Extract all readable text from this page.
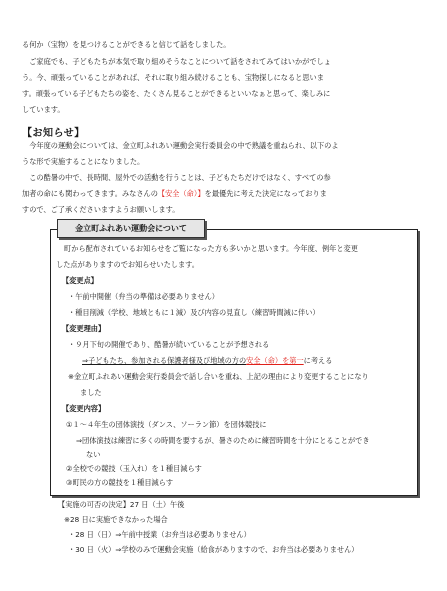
る何か（宝物）を見つけることができると信じて話をしました。
　ご家庭でも、子どもたちが本気で取り組めそうなことについて話をされてみてはいかがでしょ
う。今、頑張っていることがあれば、それに取り組み続けることも、宝物探しになると思いま
す。頑張っている子どもたちの姿を、たくさん見ることができるといいなぁと思って、楽しみに
しています。
【お知らせ】
　今年度の運動会については、金立町ふれあい運動会実行委員会の中で熟議を重ねられ、以下のよ
うな形で実施することになりました。
　この酷暑の中で、長時間、屋外での活動を行うことは、子どもたちだけではなく、すべての参
加者の命にも関わってきます。みなさんの【安全（命）】を最優先に考えた決定になっておりま
すので、ご了承くださいますようお願いします。
金立町ふれあい運動会について
町から配布されているお知らせをご覧になった方も多いかと思います。今年度、例年と変更
した点がありますのでお知らせいたします。
【変更点】
・午前中開催（弁当の準備は必要ありません）
・種目削減（学校、地域ともに１減）及び内容の見直し（練習時間減に伴い）
【変更理由】
・９月下旬の開催であり、酷暑が続いていることが予想される
⇒子どもたち、参加される保護者様及び地域の方の安全（命）を第一に考える
※金立町ふれあい運動会実行委員会で話し合いを重ね、上記の理由により変更することになり
ました
【変更内容】
①１～４年生の団体演技（ダンス、ソーラン節）を団体競技に
⇒団体演技は練習に多くの時間を要するが、暑さのために練習時間を十分にとることができ
ない
②全校での競技（玉入れ）を１種目減らす
【実施の可否の決定】27 日（土）午後
※28 日に実施できなかった場合
・28 日（日）⇒午前中授業（お弁当は必要ありません）
・30 日（火）⇒学校のみで運動会実施（給食がありますので、お弁当は必要ありません）
③町民の方の競技を１種目減らす
